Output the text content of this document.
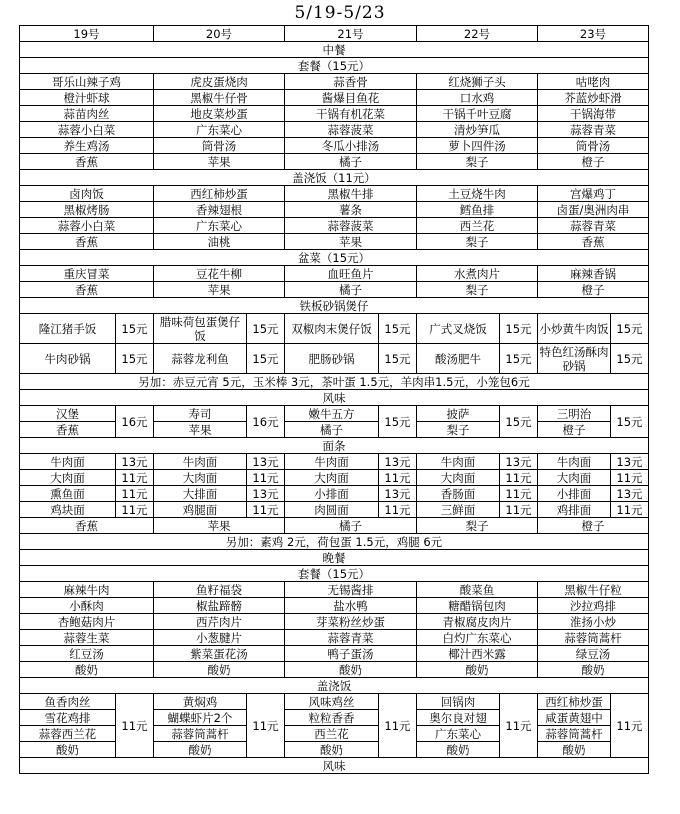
5/19-5/23
19号		20号		21号		22号		23号	
中餐									
套餐（15元）									
哥乐山辣子鸡		虎皮蛋烧肉		蒜香骨		红烧狮子头		咕咾肉	
橙汁虾球		黑椒牛仔骨		酱爆目鱼花		口水鸡		芥蓝炒虾滑	
蒜苗肉丝		地皮菜炒蛋		干锅有机花菜		干锅千叶豆腐		干锅海带	
蒜蓉小白菜		广东菜心		蒜蓉菠菜		清炒笋瓜		蒜蓉青菜	
养生鸡汤		筒骨汤		冬瓜小排汤		萝卜四件汤		筒骨汤	
香蕉		苹果		橘子		梨子		橙子	
盖浇饭（11元）									
卤肉饭		西红柿炒蛋		黑椒牛排		土豆烧牛肉		宫爆鸡丁	
黑椒烤肠		香辣翅根		薯条		鳕鱼排		卤蛋/奥洲肉串	
蒜蓉小白菜		广东菜心		蒜蓉菠菜		西兰花		蒜蓉青菜	
香蕉		油桃		苹果		梨子		香蕉	
盆菜（15元）									
重庆冒菜		豆花牛柳		血旺鱼片		水煮肉片		麻辣香锅	
香蕉		苹果		橘子		梨子		橙子	
铁板砂锅煲仔									
隆江猪手饭	15元	腊味荷包蛋煲仔饭	15元	双椒肉末煲仔饭	15元	广式叉烧饭	15元	小炒黄牛肉饭	15元
牛肉砂锅	15元	蒜蓉龙利鱼	15元	肥肠砂锅	15元	酸汤肥牛	15元	特色红汤酥肉砂锅	15元
另加：赤豆元宵 5元，玉米棒 3元，茶叶蛋 1.5元，羊肉串1.5元，小笼包6元									
风味									
汉堡	16元	寿司	16元	嫩牛五方	15元	披萨	15元	三明治	15元
香蕉		苹果		橘子		梨子		橙子	
面条									
牛肉面	13元	牛肉面	13元	牛肉面	13元	牛肉面	13元	牛肉面	13元
大肉面	11元	大肉面	11元	大肉面	11元	大肉面	11元	大肉面	11元
熏鱼面	11元	大排面	13元	小排面	13元	香肠面	11元	小排面	13元
鸡块面	11元	鸡腿面	11元	肉圆面	11元	三鲜面	11元	鸡排面	11元
香蕉		苹果		橘子		梨子		橙子	
另加：素鸡 2元，荷包蛋 1.5元，鸡腿 6元									
晚餐									
套餐（15元）									
麻辣牛肉		鱼籽福袋		无锡酱排		酸菜鱼		黑椒牛仔粒	
小酥肉		椒盐蹄髈		盐水鸭		糖醋锅包肉		沙拉鸡排	
杏鲍菇肉片		西芹肉片		芽菜粉丝炒蛋		青椒腐皮肉片		淮扬小炒	
蒜蓉生菜		小葱腱片		蒜蓉青菜		白灼广东菜心		蒜蓉筒蒿杆	
红豆汤		紫菜蛋花汤		鸭子蛋汤		椰汁西米露		绿豆汤	
酸奶		酸奶		酸奶		酸奶		酸奶	
盖浇饭									
鱼香肉丝	11元	黄焖鸡	11元	风味鸡丝	11元	回锅肉	11元	西红柿炒蛋	11元
雪花鸡排		蝴蝶虾片2个		粒粒香香		奥尔良对翅		咸蛋黄翅中	
蒜蓉西兰花		蒜蓉筒蒿杆		西兰花		广东菜心		蒜蓉筒蒿杆	
酸奶		酸奶		酸奶		酸奶		酸奶	
风味									
